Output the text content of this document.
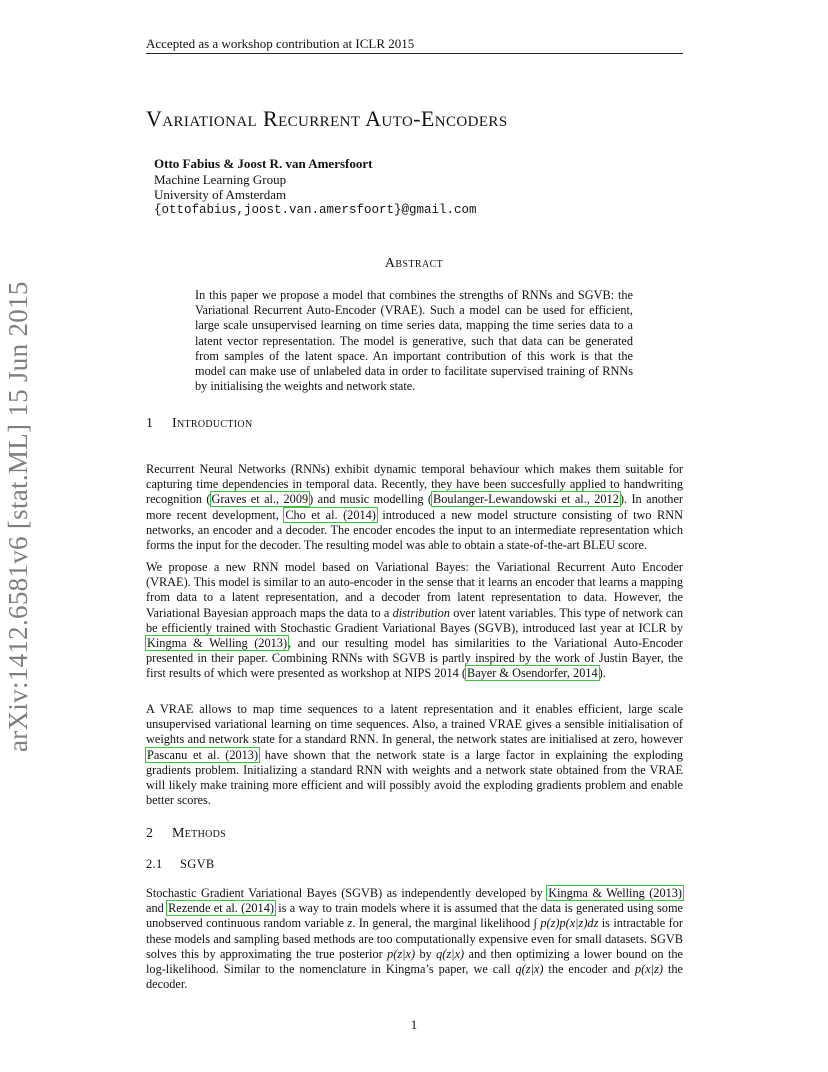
Accepted as a workshop contribution at ICLR 2015
arXiv:1412.6581v6 [stat.ML] 15 Jun 2015
Variational Recurrent Auto-Encoders
Otto Fabius & Joost R. van Amersfoort
Machine Learning Group
University of Amsterdam
{ottofabius,joost.van.amersfoort}@gmail.com
Abstract
In this paper we propose a model that combines the strengths of RNNs and SGVB: the Variational Recurrent Auto-Encoder (VRAE). Such a model can be used for efficient, large scale unsupervised learning on time series data, mapping the time series data to a latent vector representation. The model is generative, such that data can be generated from samples of the latent space. An important contribution of this work is that the model can make use of unlabeled data in order to facilitate supervised training of RNNs by initialising the weights and network state.
1 Introduction

Recurrent Neural Networks (RNNs) exhibit dynamic temporal behaviour which makes them suitable for capturing time dependencies in temporal data. Recently, they have been succesfully applied to handwriting recognition (Graves et al., 2009) and music modelling (Boulanger-Lewandowski et al., 2012). In another more recent development, Cho et al. (2014) introduced a new model structure consisting of two RNN networks, an encoder and a decoder. The encoder encodes the input to an intermediate representation which forms the input for the decoder. The resulting model was able to obtain a state-of-the-art BLEU score.

We propose a new RNN model based on Variational Bayes: the Variational Recurrent Auto Encoder (VRAE). This model is similar to an auto-encoder in the sense that it learns an encoder that learns a mapping from data to a latent representation, and a decoder from latent representation to data. However, the Variational Bayesian approach maps the data to a distribution over latent variables. This type of network can be efficiently trained with Stochastic Gradient Variational Bayes (SGVB), introduced last year at ICLR by Kingma & Welling (2013), and our resulting model has similarities to the Variational Auto-Encoder presented in their paper. Combining RNNs with SGVB is partly inspired by the work of Justin Bayer, the first results of which were presented as workshop at NIPS 2014 (Bayer & Osendorfer, 2014).

A VRAE allows to map time sequences to a latent representation and it enables efficient, large scale unsupervised variational learning on time sequences. Also, a trained VRAE gives a sensible initialisation of weights and network state for a standard RNN. In general, the network states are initialised at zero, however Pascanu et al. (2013) have shown that the network state is a large factor in explaining the exploding gradients problem. Initializing a standard RNN with weights and a network state obtained from the VRAE will likely make training more efficient and will possibly avoid the exploding gradients problem and enable better scores.

2 Methods
2.1 SGVB

Stochastic Gradient Variational Bayes (SGVB) as independently developed by Kingma & Welling (2013) and Rezende et al. (2014) is a way to train models where it is assumed that the data is generated using some unobserved continuous random variable z. In general, the marginal likelihood ∫ p(z)p(x|z)dz is intractable for these models and sampling based methods are too computationally expensive even for small datasets. SGVB solves this by approximating the true posterior p(z|x) by q(z|x) and then optimizing a lower bound on the log-likelihood. Similar to the nomenclature in Kingma’s paper, we call q(z|x) the encoder and p(x|z) the decoder.

1
